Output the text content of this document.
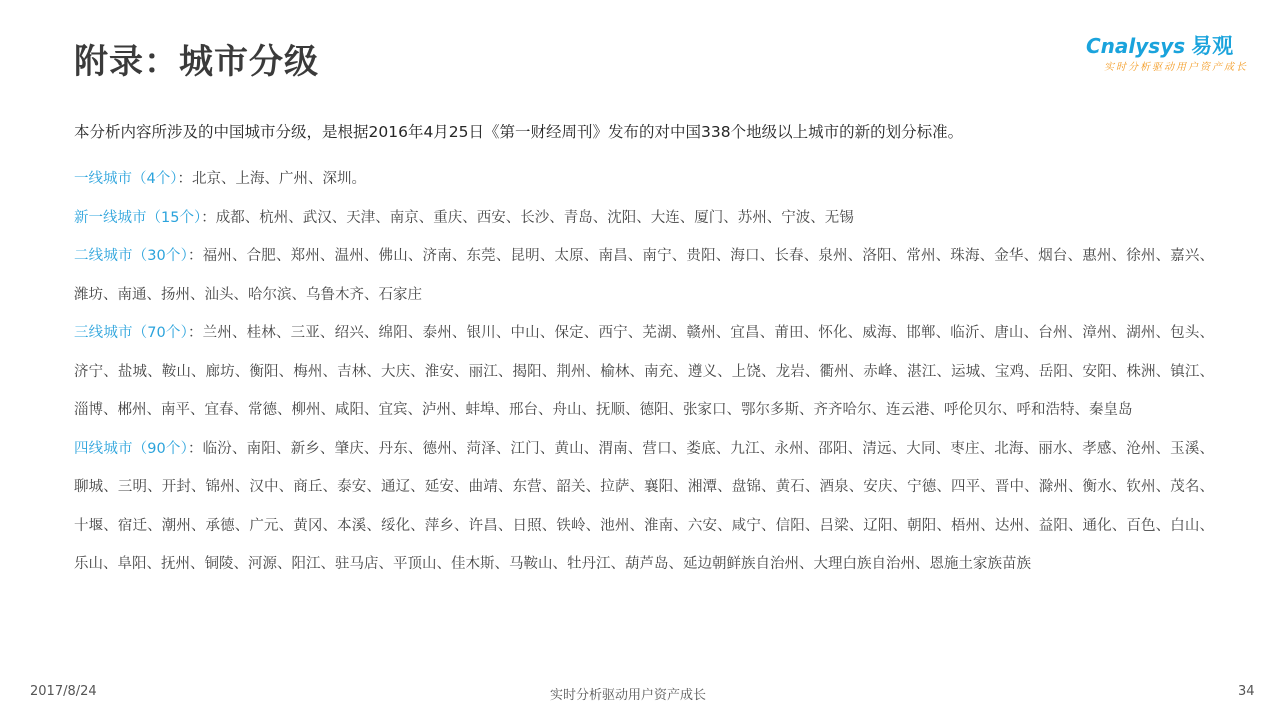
附录：城市分级	Cnalysys 易观
实时分析驱动用户资产成长
本分析内容所涉及的中国城市分级，是根据2016年4月25日《第一财经周刊》发布的对中国338个地级以上城市的新的划分标准。

一线城市（4个）：北京、上海、广州、深圳。

新一线城市（15个）：成都、杭州、武汉、天津、南京、重庆、西安、长沙、青岛、沈阳、大连、厦门、苏州、宁波、无锡

二线城市（30个）：福州、合肥、郑州、温州、佛山、济南、东莞、昆明、太原、南昌、南宁、贵阳、海口、长春、泉州、洛阳、常州、珠海、金华、烟台、惠州、徐州、嘉兴、潍坊、南通、扬州、汕头、哈尔滨、乌鲁木齐、石家庄

三线城市（70个）：兰州、桂林、三亚、绍兴、绵阳、泰州、银川、中山、保定、西宁、芜湖、赣州、宜昌、莆田、怀化、威海、邯郸、临沂、唐山、台州、漳州、湖州、包头、济宁、盐城、鞍山、廊坊、衡阳、梅州、吉林、大庆、淮安、丽江、揭阳、荆州、榆林、南充、遵义、上饶、龙岩、衢州、赤峰、湛江、运城、宝鸡、岳阳、安阳、株洲、镇江、淄博、郴州、南平、宜春、常德、柳州、咸阳、宜宾、泸州、蚌埠、邢台、舟山、抚顺、德阳、张家口、鄂尔多斯、齐齐哈尔、连云港、呼伦贝尔、呼和浩特、秦皇岛

四线城市（90个）：临汾、南阳、新乡、肇庆、丹东、德州、菏泽、江门、黄山、渭南、营口、娄底、九江、永州、邵阳、清远、大同、枣庄、北海、丽水、孝感、沧州、玉溪、聊城、三明、开封、锦州、汉中、商丘、泰安、通辽、延安、曲靖、东营、韶关、拉萨、襄阳、湘潭、盘锦、黄石、酒泉、安庆、宁德、四平、晋中、滁州、衡水、钦州、茂名、十堰、宿迁、潮州、承德、广元、黄冈、本溪、绥化、萍乡、许昌、日照、铁岭、池州、淮南、六安、咸宁、信阳、吕梁、辽阳、朝阳、梧州、达州、益阳、通化、百色、白山、乐山、阜阳、抚州、铜陵、河源、阳江、驻马店、平顶山、佳木斯、马鞍山、牡丹江、葫芦岛、延边朝鲜族自治州、大理白族自治州、恩施土家族苗族

2017/8/24	实时分析驱动用户资产成长	34
